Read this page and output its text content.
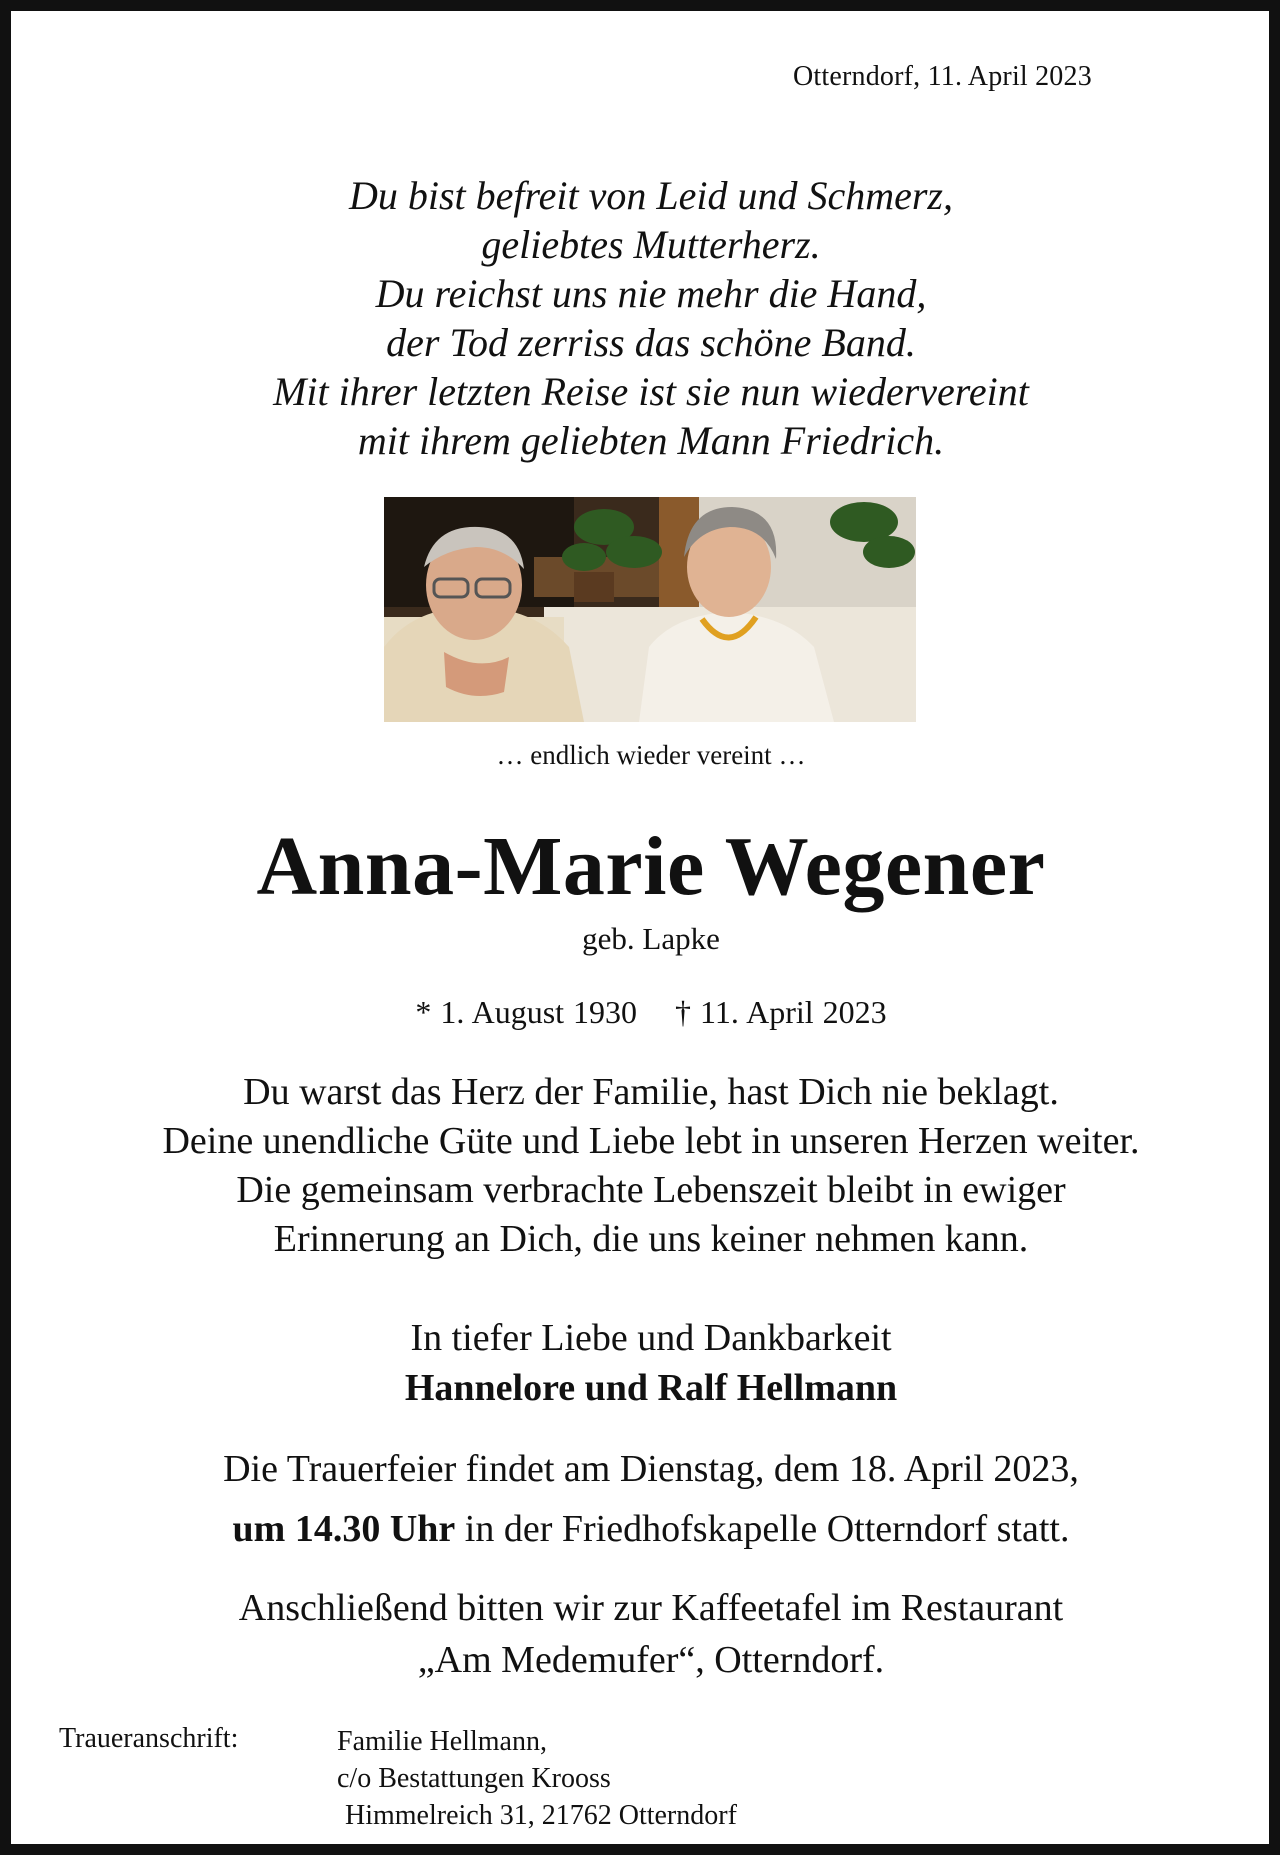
Otterndorf, 11. April 2023
Du bist befreit von Leid und Schmerz,
geliebtes Mutterherz.
Du reichst uns nie mehr die Hand,
der Tod zerriss das schöne Band.
Mit ihrer letzten Reise ist sie nun wiedervereint
mit ihrem geliebten Mann Friedrich.
… endlich wieder vereint …
Anna-Marie Wegener
geb. Lapke
* 1. August 1930 † 11. April 2023
Du warst das Herz der Familie, hast Dich nie beklagt.
Deine unendliche Güte und Liebe lebt in unseren Herzen weiter.
Die gemeinsam verbrachte Lebenszeit bleibt in ewiger
Erinnerung an Dich, die uns keiner nehmen kann.
In tiefer Liebe und Dankbarkeit
Hannelore und Ralf Hellmann
Die Trauerfeier findet am Dienstag, dem 18. April 2023,
um 14.30 Uhr in der Friedhofskapelle Otterndorf statt.
Anschließend bitten wir zur Kaffeetafel im Restaurant
„Am Medemufer“, Otterndorf.
Traueranschrift:	Familie Hellmann,
c/o Bestattungen Krooss
Himmelreich 31, 21762 Otterndorf
